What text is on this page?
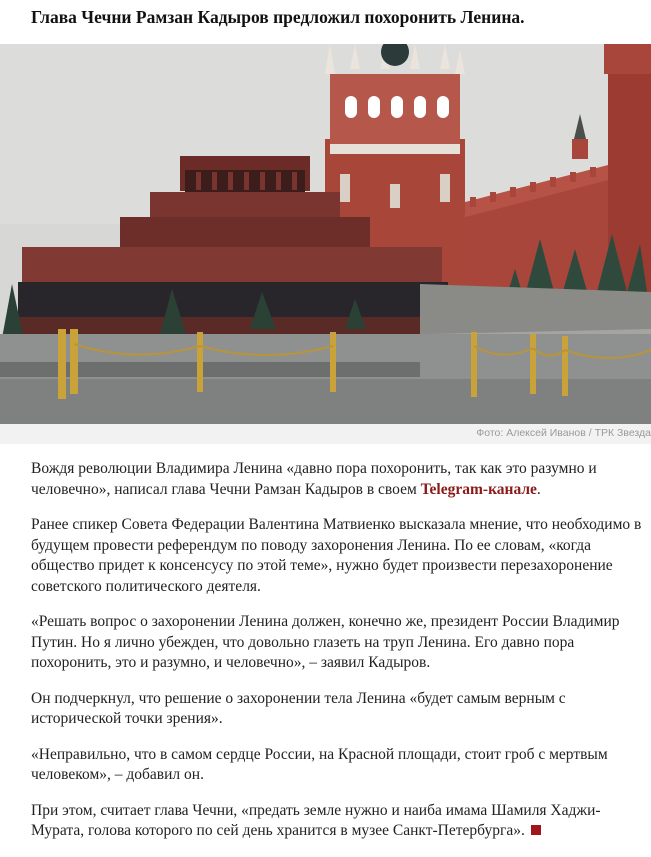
Глава Чечни Рамзан Кадыров предложил похоронить Ленина.
Фото: Алексей Иванов / ТРК Звезда

Вождя революции Владимира Ленина «давно пора похоронить, так как это разумно и человечно», написал глава Чечни Рамзан Кадыров в своем Telegram-канале.

Ранее спикер Совета Федерации Валентина Матвиенко высказала мнение, что необходимо в будущем провести референдум по поводу захоронения Ленина. По ее словам, «когда общество придет к консенсусу по этой теме», нужно будет произвести перезахоронение советского политического деятеля.

«Решать вопрос о захоронении Ленина должен, конечно же, президент России Владимир Путин. Но я лично убежден, что довольно глазеть на труп Ленина. Его давно пора похоронить, это и разумно, и человечно», – заявил Кадыров.

Он подчеркнул, что решение о захоронении тела Ленина «будет самым верным с исторической точки зрения».

«Неправильно, что в самом сердце России, на Красной площади, стоит гроб с мертвым человеком», – добавил он.

При этом, считает глава Чечни, «предать земле нужно и наиба имама Шамиля Хаджи-Мурата, голова которого по сей день хранится в музее Санкт-Петербурга».
